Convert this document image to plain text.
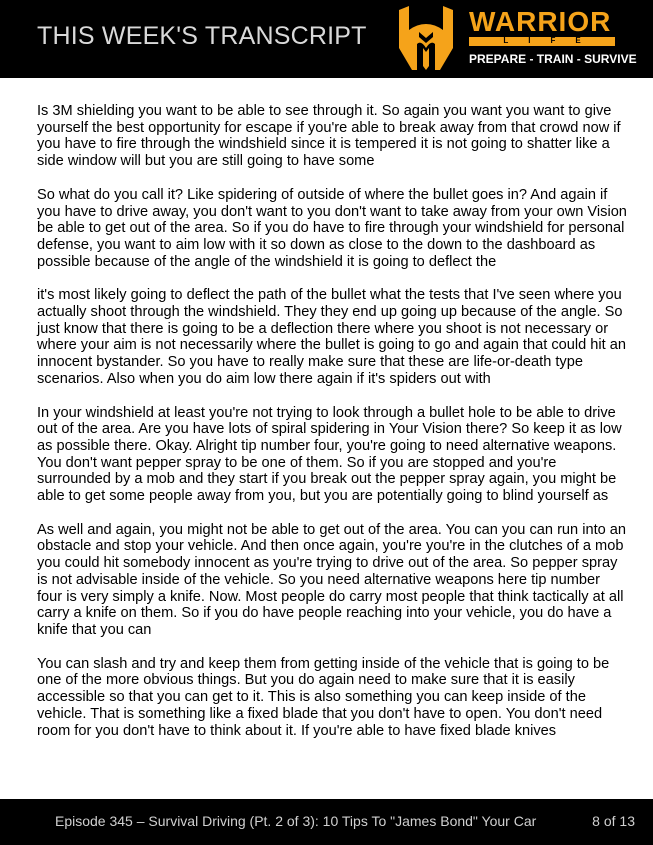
THIS WEEK'S TRANSCRIPT	WARRIOR
LIFE
PREPARE - TRAIN - SURVIVE

Is 3M shielding you want to be able to see through it. So again you want you want to give yourself the best opportunity for escape if you're able to break away from that crowd now if you have to fire through the windshield since it is tempered it is not going to shatter like a side window will but you are still going to have some

So what do you call it? Like spidering of outside of where the bullet goes in? And again if you have to drive away, you don't want to you don't want to take away from your own Vision be able to get out of the area. So if you do have to fire through your windshield for personal defense, you want to aim low with it so down as close to the down to the dashboard as possible because of the angle of the windshield it is going to deflect the

it's most likely going to deflect the path of the bullet what the tests that I've seen where you actually shoot through the windshield. They they end up going up because of the angle. So just know that there is going to be a deflection there where you shoot is not necessary or where your aim is not necessarily where the bullet is going to go and again that could hit an innocent bystander. So you have to really make sure that these are life-or-death type scenarios. Also when you do aim low there again if it's spiders out with

In your windshield at least you're not trying to look through a bullet hole to be able to drive out of the area. Are you have lots of spiral spidering in Your Vision there? So keep it as low as possible there. Okay. Alright tip number four, you're going to need alternative weapons. You don't want pepper spray to be one of them. So if you are stopped and you're surrounded by a mob and they start if you break out the pepper spray again, you might be able to get some people away from you, but you are potentially going to blind yourself as

As well and again, you might not be able to get out of the area. You can you can run into an obstacle and stop your vehicle. And then once again, you're you're in the clutches of a mob you could hit somebody innocent as you're trying to drive out of the area. So pepper spray is not advisable inside of the vehicle. So you need alternative weapons here tip number four is very simply a knife. Now. Most people do carry most people that think tactically at all carry a knife on them. So if you do have people reaching into your vehicle, you do have a knife that you can

You can slash and try and keep them from getting inside of the vehicle that is going to be one of the more obvious things. But you do again need to make sure that it is easily accessible so that you can get to it. This is also something you can keep inside of the vehicle. That is something like a fixed blade that you don't have to open. You don't need room for you don't have to think about it. If you're able to have fixed blade knives

Episode 345 – Survival Driving (Pt. 2 of 3): 10 Tips To "James Bond" Your Car	8 of 13
